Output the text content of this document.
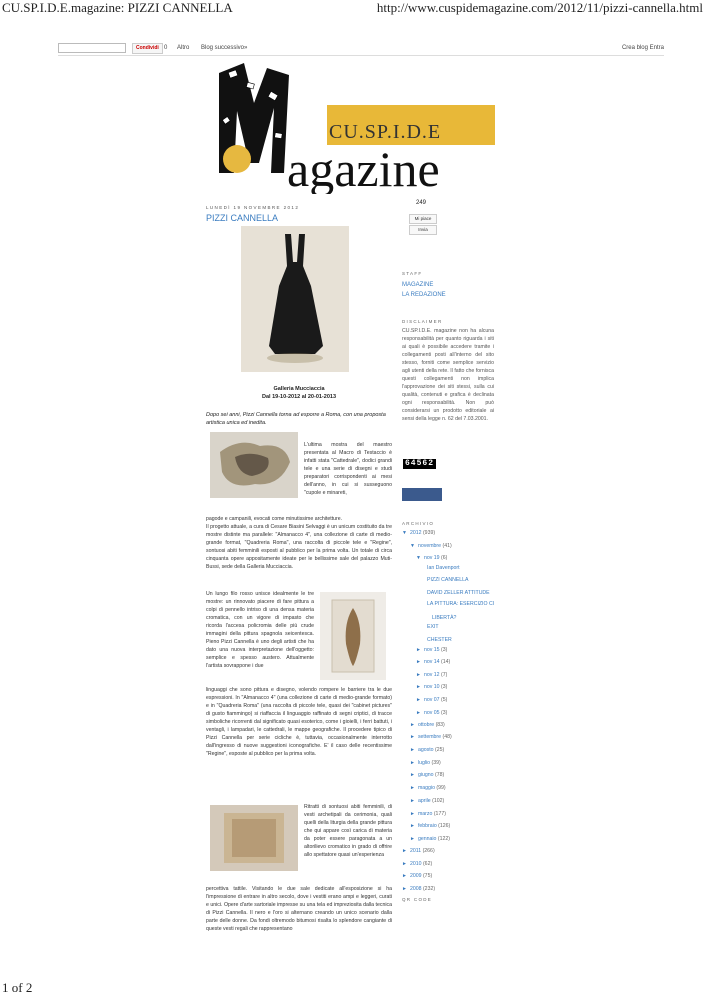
CU.SP.I.D.E.magazine: PIZZI CANNELLA	http://www.cuspidemagazine.com/2012/11/pizzi-cannella.html
Condividi 0 Altro Blog successivo»	Crea blog Entra
CU.SP.I.D.E
agazine
LUNEDÌ 19 NOVEMBRE 2012
PIZZI CANNELLA
Galleria Mucciaccia
Dal 19-10-2012 al 20-01-2013
Dopo sei anni, Pizzi Cannella torna ad esporre a Roma, con una proposta artistica unica ed inedita.
L'ultima mostra del maestro presentata al Macro di Testaccio è infatti stata "Cattedrale", dodici grandi tele e una serie di disegni e studi preparatori corrispondenti ai mesi dell'anno, in cui si susseguono "cupole e minareti,
pagode e campanili, evocati come minutissime architetture.
Il progetto attuale, a cura di Cesare Biasini Selvaggi è un unicum costituito da tre mostre distinte ma parallele: "Almanacco 4", una collezione di carte di medio-grande format, "Quadreria Roma", una raccolta di piccole tele e "Regine", sontuosi abiti femminili esposti al pubblico per la prima volta. Un totale di circa cinquanta opere appositamente ideate per le bellissime sale del palazzo Muti-Bussi, sede della Galleria Mucciaccia.
Un lungo filo rosso unisce idealmente le tre mostre: un rinnovato piacere di fare pittura a colpi di pennello intriso di una densa materia cromatica, con un vigore di impasto che ricorda l'accesa policromia delle più crude immagini della pittura spagnola seicentesca. Pieno Pizzi Cannella è uno degli artisti che ha dato una nuova interpretazione dell'oggetto: semplice e spesso austero. Attualmente l'artista sovrappone i due
linguaggi che sono pittura e disegno, volendo rompere le barriere tra le due espressioni. In "Almanacco 4" (una collezione di carte di medio-grande formato) e in "Quadreria Roma" (una raccolta di piccole tele, quasi dei "cabinet pictures" di gusto fiammingo) si riaffaccia il linguaggio raffinato di segni criptici, di tracce simboliche ricorrenti dal significato quasi esoterico, come i gioielli, i ferri battuti, i ventagli, i lampadari, le cattedrali, le mappe geografiche. Il procedere tipico di Pizzi Cannella per serie cicliche è, tuttavia, occasionalmente interrotto dall'ingresso di nuove suggestioni iconografiche. E' il caso delle recentissime "Regine", esposte al pubblico per la prima volta.
Ritratti di sontuosi abiti femminili, di vesti archetipali da cerimonia, quali quelli della liturgia della grande pittura che qui appare così carica di materia da poter essere paragonata a un altorilievo cromatico in grado di offrire allo spettatore quasi un'esperienza
percettiva tattile. Visitando le due sale dedicate all'esposizione si ha l'impressione di entrare in altro secolo, dove i vestiti erano ampi e leggeri, curati e unici. Opere d'arte sartoriale impresse su una tela ed impreziosita dalla tecnica di Pizzi Cannella. Il nero e l'oro si alternano creando un unico scenario dalla parte delle donne. Da fondi oltremodo bitumosi risalta lo splendore cangiante di queste vesti regali che rappresentano
249
Mi piace
Invia
STAFF
MAGAZINE
LA REDAZIONE
DISCLAIMER
CU.SP.I.D.E. magazine non ha alcuna responsabilità per quanto riguarda i siti ai quali è possibile accedere tramite i collegamenti posti all'interno del sito stesso, forniti come semplice servizio agli utenti della rete. Il fatto che fornisca questi collegamenti non implica l'approvazione dei siti stessi, sulla cui qualità, contenuti e grafica è declinata ogni responsabilità. Non può considerarsi un prodotto editoriale ai sensi della legge n. 62 del 7.03.2001.
64562
ARCHIVIO
▼ 2012 (939)
▼ novembre (41)
▼ nov 19 (6)
Ian Davenport
PIZZI CANNELLA
DAVID ZELLER ATTITUDE
LA PITTURA: ESERCIZIO CI
LIBERTÀ?
EXIT
CHESTER
► nov 15 (3)
► nov 14 (14)
► nov 12 (7)
► nov 10 (3)
► nov 07 (5)
► nov 05 (3)
► ottobre (83)
► settembre (48)
► agosto (25)
► luglio (39)
► giugno (78)
► maggio (99)
► aprile (102)
► marzo (177)
► febbraio (126)
► gennaio (122)
► 2011 (266)
► 2010 (62)
► 2009 (75)
► 2008 (232)
QR CODE
1 of 2
